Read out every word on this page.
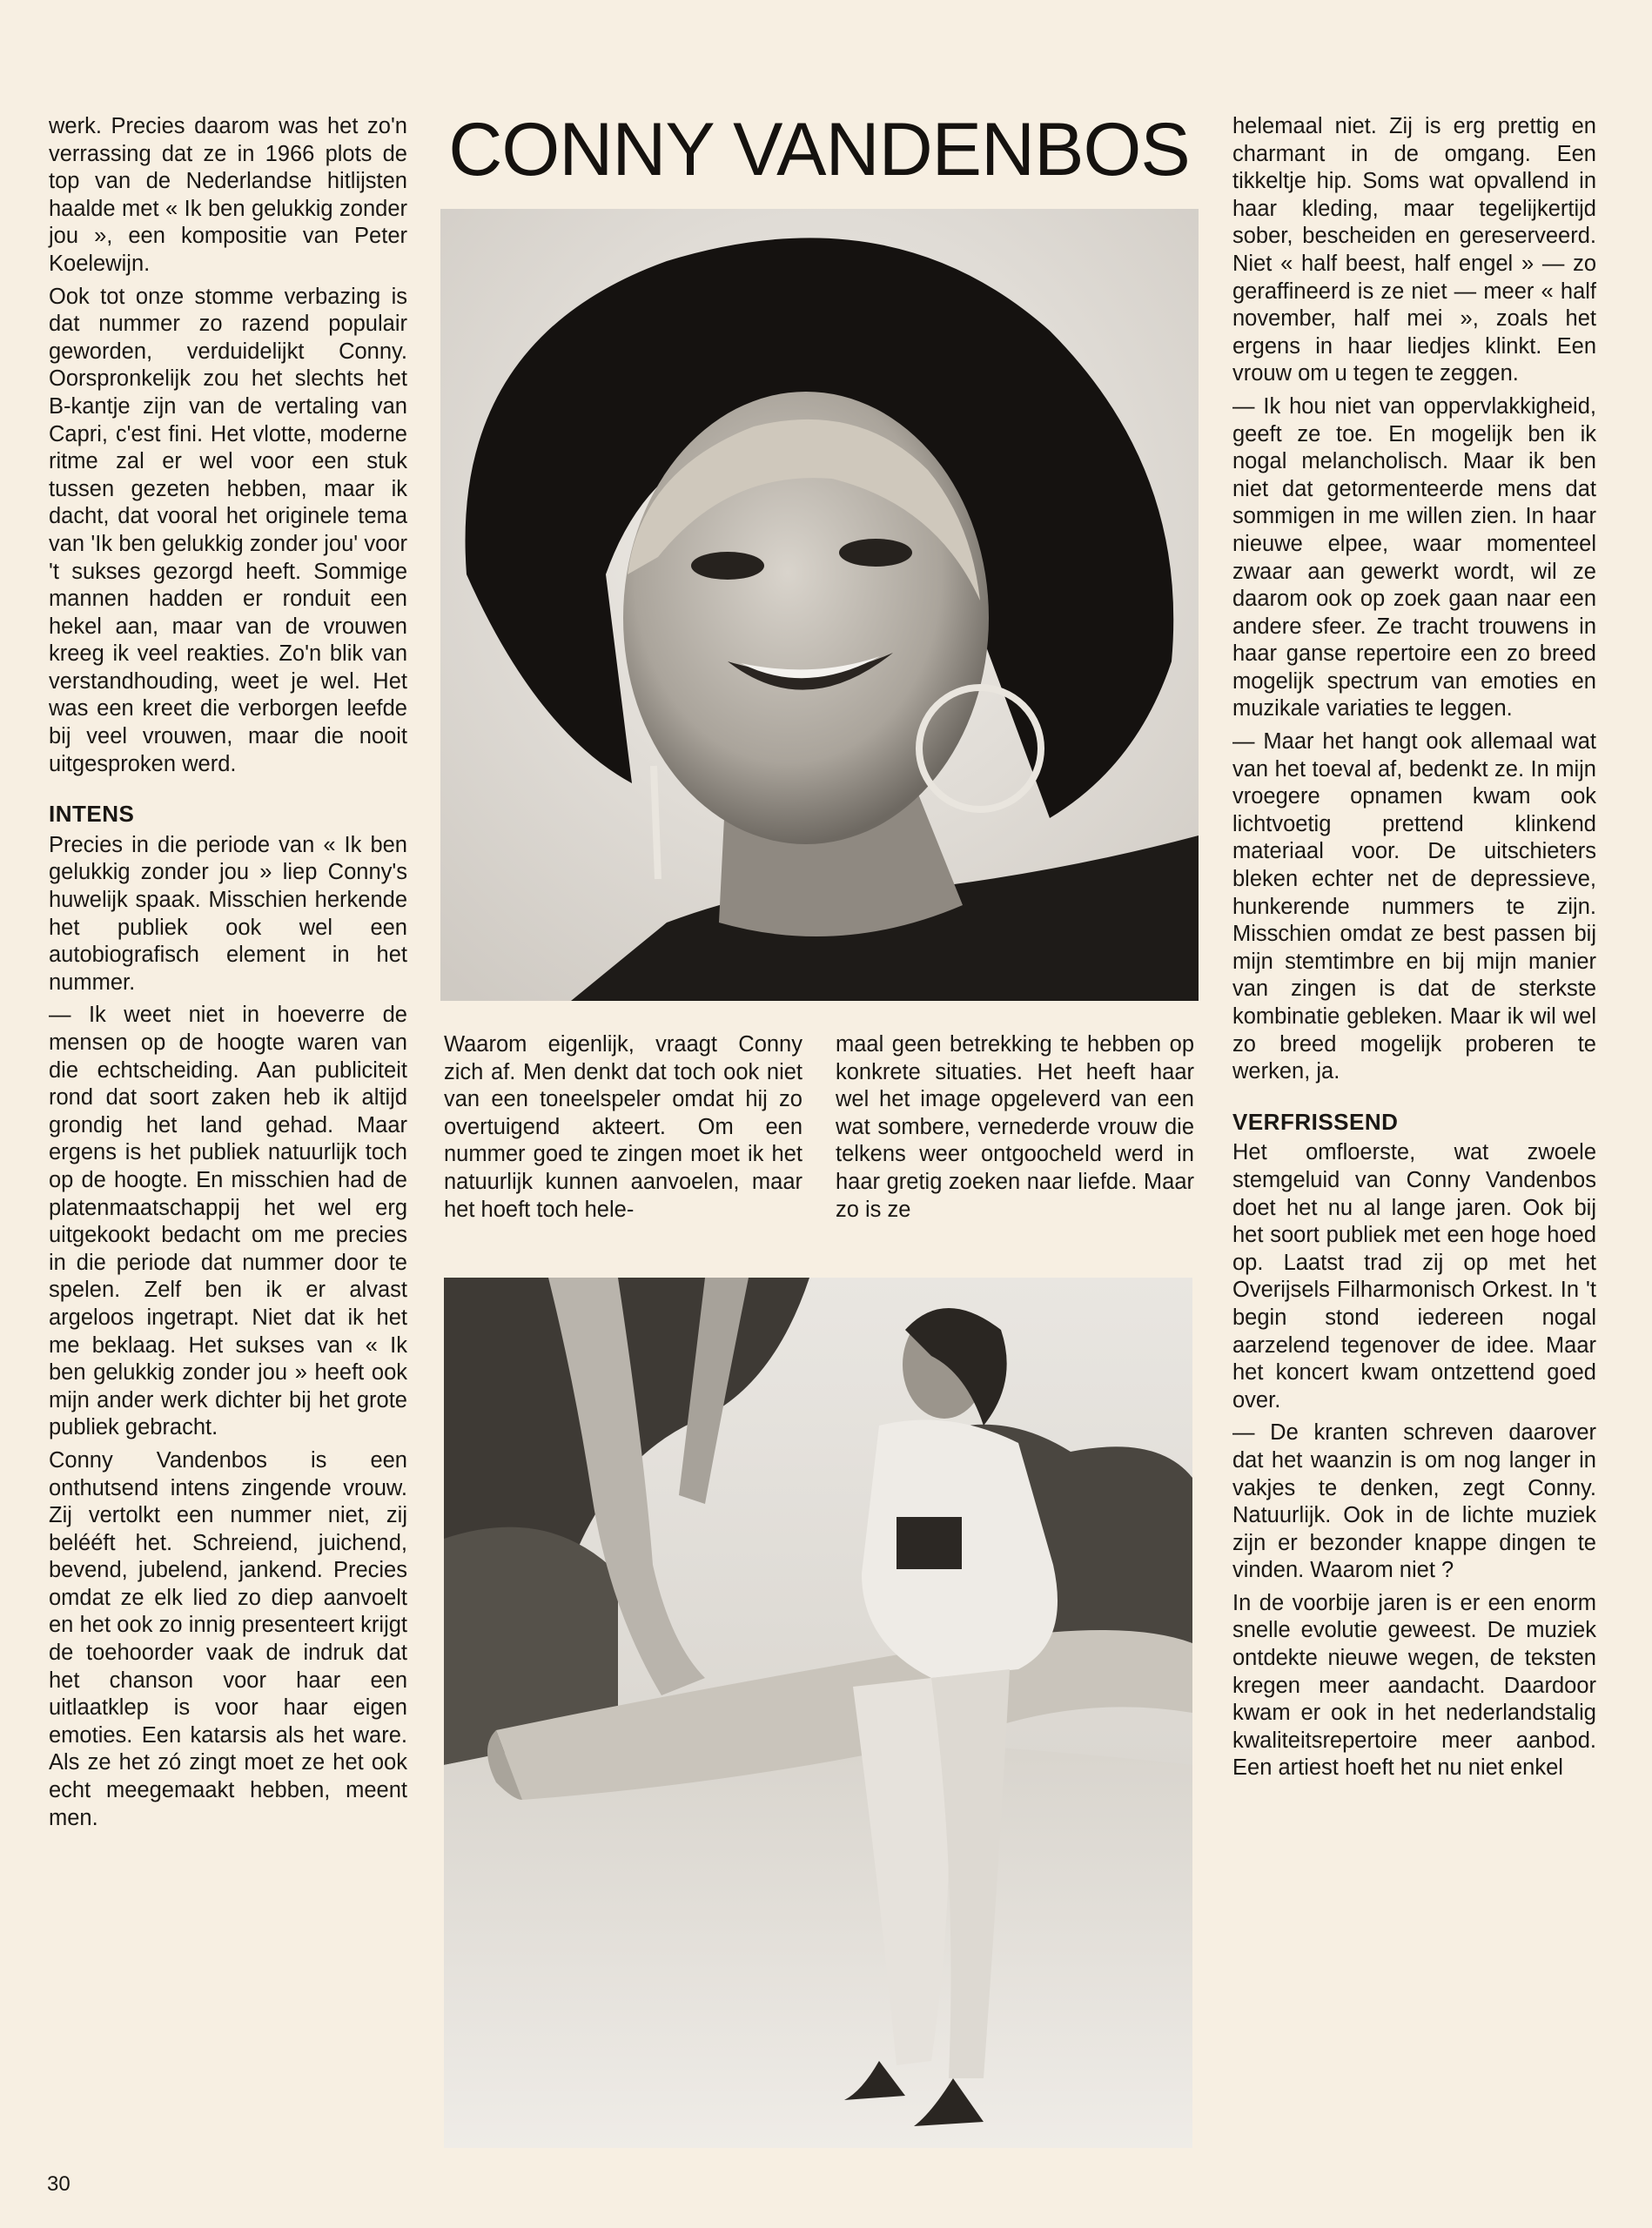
CONNY VANDENBOS

werk. Precies daarom was het zo'n verrassing dat ze in 1966 plots de top van de Nederlandse hitlijsten haalde met « Ik ben gelukkig zonder jou », een kompositie van Peter Koelewijn.

Ook tot onze stomme verbazing is dat nummer zo razend populair geworden, verduidelijkt Conny. Oorspronkelijk zou het slechts het B-kantje zijn van de vertaling van Capri, c'est fini. Het vlotte, moderne ritme zal er wel voor een stuk tussen gezeten hebben, maar ik dacht, dat vooral het originele tema van 'Ik ben gelukkig zonder jou' voor 't sukses gezorgd heeft. Sommige mannen hadden er ronduit een hekel aan, maar van de vrouwen kreeg ik veel reakties. Zo'n blik van verstandhouding, weet je wel. Het was een kreet die verborgen leefde bij veel vrouwen, maar die nooit uitgesproken werd.

INTENS

Precies in die periode van « Ik ben gelukkig zonder jou » liep Conny's huwelijk spaak. Misschien herkende het publiek ook wel een autobiografisch element in het nummer.

— Ik weet niet in hoeverre de mensen op de hoogte waren van die echtscheiding. Aan publiciteit rond dat soort zaken heb ik altijd grondig het land gehad. Maar ergens is het publiek natuurlijk toch op de hoogte. En misschien had de platenmaatschappij het wel erg uitgekookt bedacht om me precies in die periode dat nummer door te spelen. Zelf ben ik er alvast argeloos ingetrapt. Niet dat ik het me beklaag. Het sukses van « Ik ben gelukkig zonder jou » heeft ook mijn ander werk dichter bij het grote publiek gebracht.

Conny Vandenbos is een onthutsend intens zingende vrouw. Zij vertolkt een nummer niet, zij belééft het. Schreiend, juichend, bevend, jubelend, jankend. Precies omdat ze elk lied zo diep aanvoelt en het ook zo innig presenteert krijgt de toehoorder vaak de indruk dat het chanson voor haar een uitlaatklep is voor haar eigen emoties. Een katarsis als het ware. Als ze het zó zingt moet ze het ook echt meegemaakt hebben, meent men.

Waarom eigenlijk, vraagt Conny zich af. Men denkt dat toch ook niet van een toneelspeler omdat hij zo overtuigend akteert. Om een nummer goed te zingen moet ik het natuurlijk kunnen aanvoelen, maar het hoeft toch hele-

maal geen betrekking te hebben op konkrete situaties. Het heeft haar wel het image opgeleverd van een wat sombere, vernederde vrouw die telkens weer ontgoocheld werd in haar gretig zoeken naar liefde. Maar zo is ze

helemaal niet. Zij is erg prettig en charmant in de omgang. Een tikkeltje hip. Soms wat opvallend in haar kleding, maar tegelijkertijd sober, bescheiden en gereserveerd. Niet « half beest, half engel » — zo geraffineerd is ze niet — meer « half november, half mei », zoals het ergens in haar liedjes klinkt. Een vrouw om u tegen te zeggen.

— Ik hou niet van oppervlakkigheid, geeft ze toe. En mogelijk ben ik nogal melancholisch. Maar ik ben niet dat getormenteerde mens dat sommigen in me willen zien. In haar nieuwe elpee, waar momenteel zwaar aan gewerkt wordt, wil ze daarom ook op zoek gaan naar een andere sfeer. Ze tracht trouwens in haar ganse repertoire een zo breed mogelijk spectrum van emoties en muzikale variaties te leggen.

— Maar het hangt ook allemaal wat van het toeval af, bedenkt ze. In mijn vroegere opnamen kwam ook lichtvoetig prettend klinkend materiaal voor. De uitschieters bleken echter net de depressieve, hunkerende nummers te zijn. Misschien omdat ze best passen bij mijn stemtimbre en bij mijn manier van zingen is dat de sterkste kombinatie gebleken. Maar ik wil wel zo breed mogelijk proberen te werken, ja.

VERFRISSEND

Het omfloerste, wat zwoele stemgeluid van Conny Vandenbos doet het nu al lange jaren. Ook bij het soort publiek met een hoge hoed op. Laatst trad zij op met het Overijsels Filharmonisch Orkest. In 't begin stond iedereen nogal aarzelend tegenover de idee. Maar het koncert kwam ontzettend goed over.

— De kranten schreven daarover dat het waanzin is om nog langer in vakjes te denken, zegt Conny. Natuurlijk. Ook in de lichte muziek zijn er bezonder knappe dingen te vinden. Waarom niet ?

In de voorbije jaren is er een enorm snelle evolutie geweest. De muziek ontdekte nieuwe wegen, de teksten kregen meer aandacht. Daardoor kwam er ook in het nederlandstalig kwaliteitsrepertoire meer aanbod. Een artiest hoeft het nu niet enkel

30
